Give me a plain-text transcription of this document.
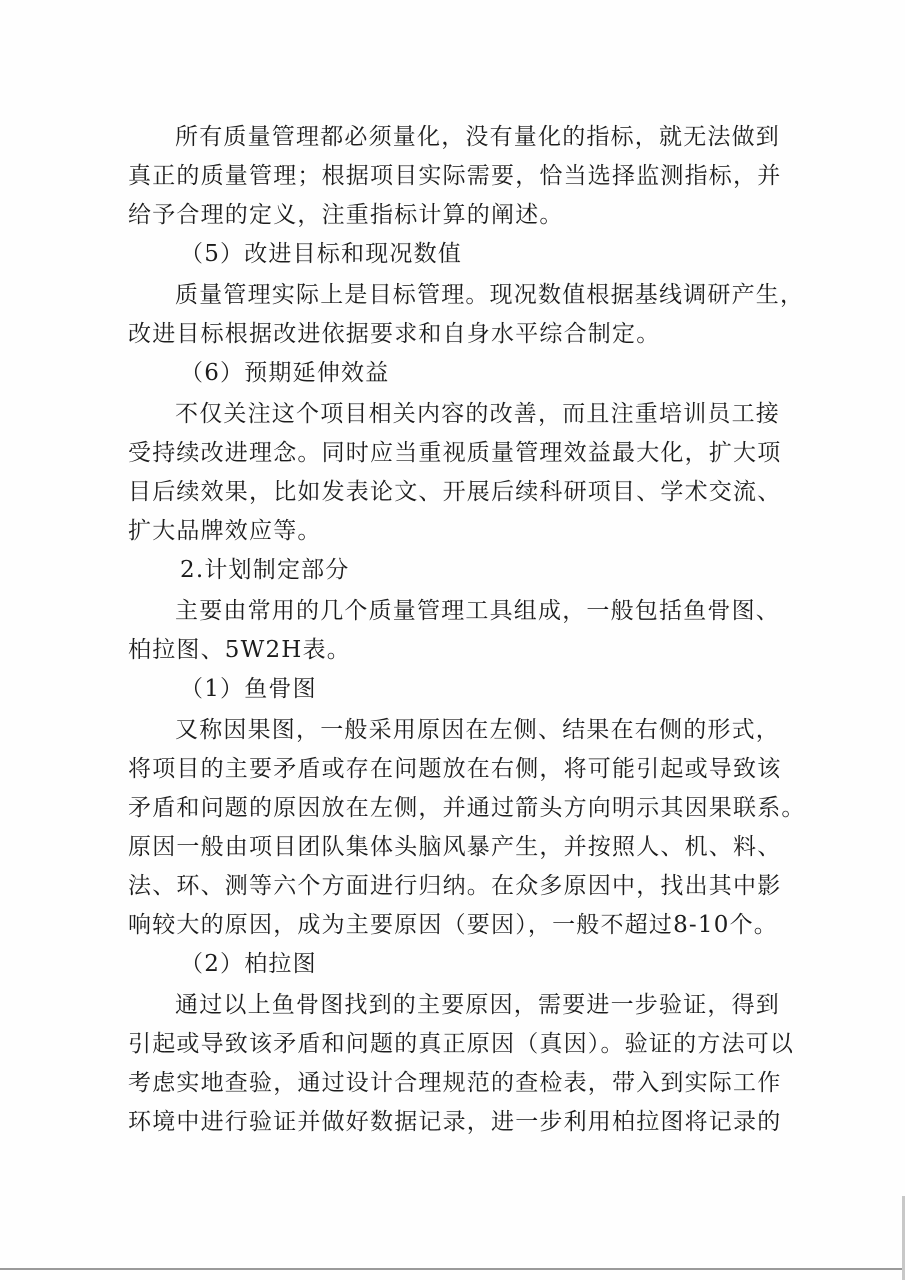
所有质量管理都必须量化，没有量化的指标，就无法做到
真正的质量管理；根据项目实际需要，恰当选择监测指标，并
给予合理的定义，注重指标计算的阐述。
（5）改进目标和现况数值
质量管理实际上是目标管理。现况数值根据基线调研产生，
改进目标根据改进依据要求和自身水平综合制定。
（6）预期延伸效益
不仅关注这个项目相关内容的改善，而且注重培训员工接
受持续改进理念。同时应当重视质量管理效益最大化，扩大项
目后续效果，比如发表论文、开展后续科研项目、学术交流、
扩大品牌效应等。
2.计划制定部分
主要由常用的几个质量管理工具组成，一般包括鱼骨图、
柏拉图、5W2H表。
（1）鱼骨图
又称因果图，一般采用原因在左侧、结果在右侧的形式，
将项目的主要矛盾或存在问题放在右侧，将可能引起或导致该
矛盾和问题的原因放在左侧，并通过箭头方向明示其因果联系。
原因一般由项目团队集体头脑风暴产生，并按照人、机、料、
法、环、测等六个方面进行归纳。在众多原因中，找出其中影
响较大的原因，成为主要原因（要因），一般不超过8-10个。
（2）柏拉图
通过以上鱼骨图找到的主要原因，需要进一步验证，得到
引起或导致该矛盾和问题的真正原因（真因）。验证的方法可以
考虑实地查验，通过设计合理规范的查检表，带入到实际工作
环境中进行验证并做好数据记录，进一步利用柏拉图将记录的
